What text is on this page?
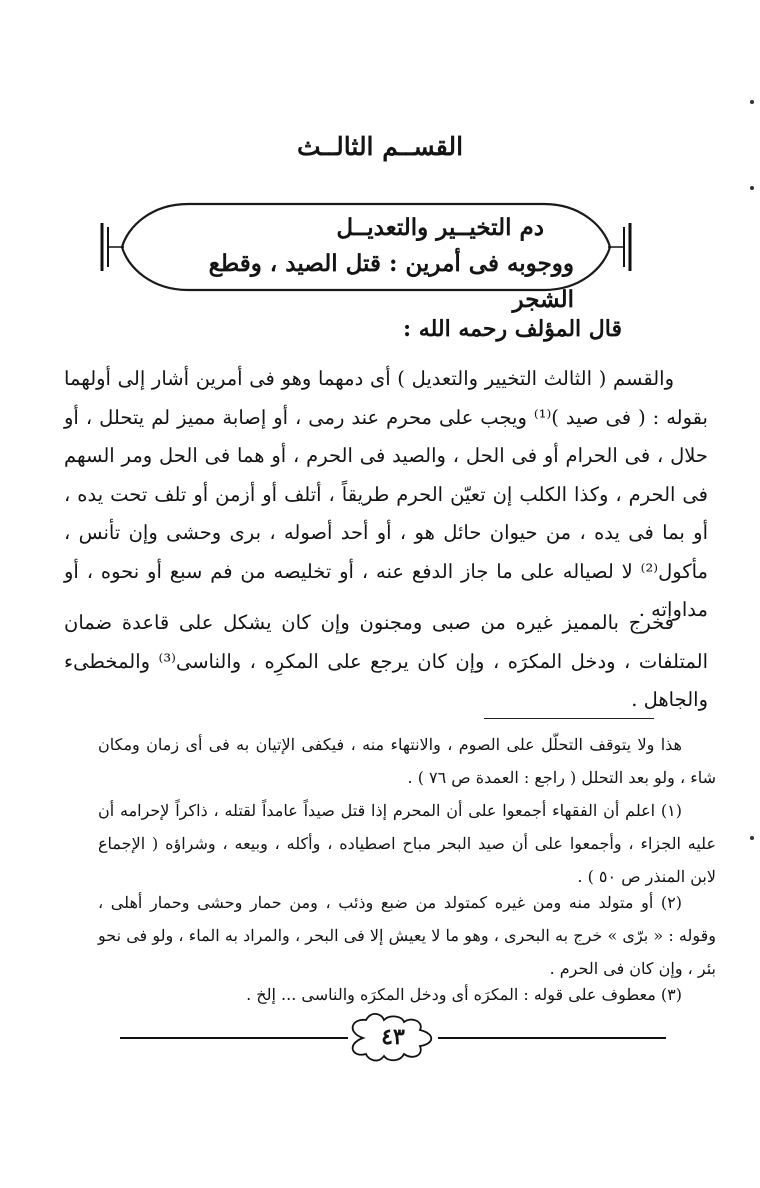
القســم الثالــث
دم التخيــير والتعديــل
ووجوبه فى أمرين : قتل الصيد ، وقطع الشجر
قال المؤلف رحمه الله :
والقسم ( الثالث التخيير والتعديل ) أى دمهما وهو فى أمرين أشار إلى أولهما بقوله : ( فى صيد )⁽¹⁾ ويجب على محرم عند رمى ، أو إصابة مميز لم يتحلل ، أو حلال ، فى الحرام أو فى الحل ، والصيد فى الحرم ، أو هما فى الحل ومر السهم فى الحرم ، وكذا الكلب إن تعيّن الحرم طريقاً ، أتلف أو أزمن أو تلف تحت يده ، أو بما فى يده ، من حيوان حائل هو ، أو أحد أصوله ، برى وحشى وإن تأنس ، مأكول⁽²⁾ لا لصياله على ما جاز الدفع عنه ، أو تخليصه من فم سبع أو نحوه ، أو مداواته .
فخرج بالمميز غيره من صبى ومجنون وإن كان يشكل على قاعدة ضمان المتلفات ، ودخل المكرَه ، وإن كان يرجع على المكرِه ، والناسى⁽³⁾ والمخطىء والجاهل .
هذا ولا يتوقف التحلّل على الصوم ، والانتهاء منه ، فيكفى الإتيان به فى أى زمان ومكان شاء ، ولو بعد التحلل ( راجع : العمدة ص ٧٦ ) .
(١) اعلم أن الفقهاء أجمعوا على أن المحرم إذا قتل صيداً عامداً لقتله ، ذاكراً لإحرامه أن عليه الجزاء ، وأجمعوا على أن صيد البحر مباح اصطياده ، وأكله ، وبيعه ، وشراؤه ( الإجماع لابن المنذر ص ٥٠ ) .
(٢) أو متولد منه ومن غيره كمتولد من ضبع وذئب ، ومن حمار وحشى وحمار أهلى ، وقوله : « برّى » خرج به البحرى ، وهو ما لا يعيش إلا فى البحر ، والمراد به الماء ، ولو فى نحو بئر ، وإن كان فى الحرم .
(٣) معطوف على قوله : المكرَه أى ودخل المكرَه والناسى ... إلخ .
٤٣
